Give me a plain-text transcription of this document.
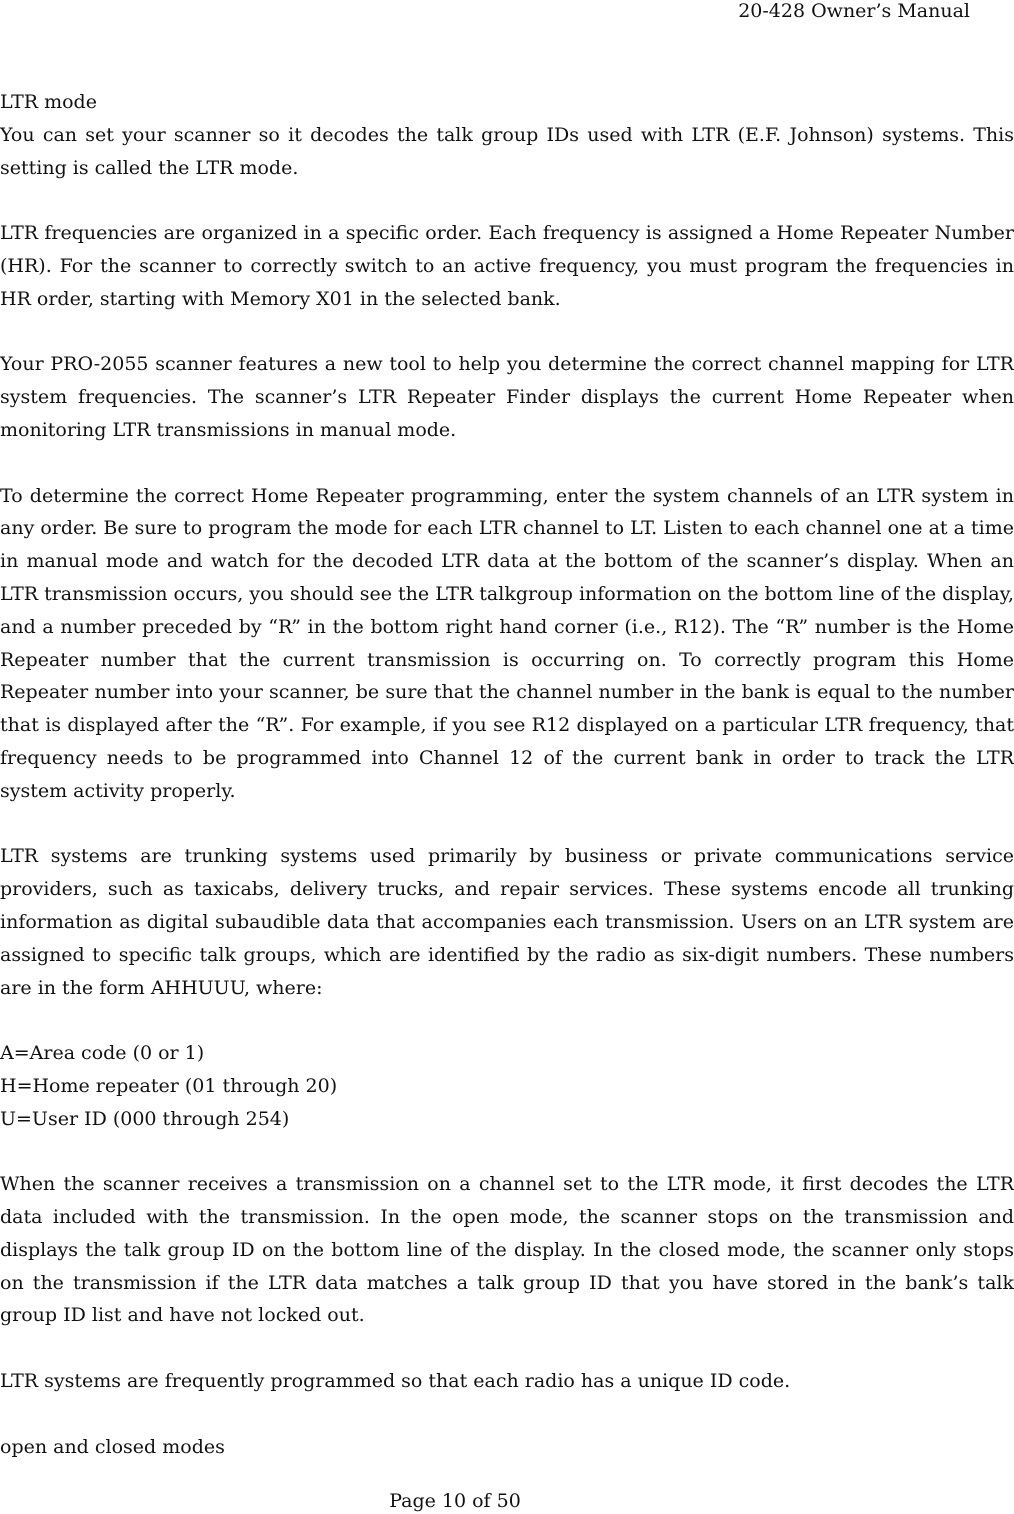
20-428 Owner’s Manual

LTR mode

You can set your scanner so it decodes the talk group IDs used with LTR (E.F. Johnson) systems. This setting is called the LTR mode.

LTR frequencies are organized in a specific order. Each frequency is assigned a Home Repeater Number (HR). For the scanner to correctly switch to an active frequency, you must program the frequencies in HR order, starting with Memory X01 in the selected bank.

Your PRO-2055 scanner features a new tool to help you determine the correct channel mapping for LTR system frequencies. The scanner’s LTR Repeater Finder displays the current Home Repeater when monitoring LTR transmissions in manual mode.

To determine the correct Home Repeater programming, enter the system channels of an LTR system in any order. Be sure to program the mode for each LTR channel to LT. Listen to each channel one at a time in manual mode and watch for the decoded LTR data at the bottom of the scanner’s display. When an LTR transmission occurs, you should see the LTR talkgroup information on the bottom line of the display, and a number preceded by “R” in the bottom right hand corner (i.e., R12). The “R” number is the Home Repeater number that the current transmission is occurring on. To correctly program this Home Repeater number into your scanner, be sure that the channel number in the bank is equal to the number that is displayed after the “R”. For example, if you see R12 displayed on a particular LTR frequency, that frequency needs to be programmed into Channel 12 of the current bank in order to track the LTR system activity properly.

LTR systems are trunking systems used primarily by business or private communications service providers, such as taxicabs, delivery trucks, and repair services. These systems encode all trunking information as digital subaudible data that accompanies each transmission. Users on an LTR system are assigned to specific talk groups, which are identified by the radio as six-digit numbers. These numbers are in the form AHHUUU, where:

A=Area code (0 or 1)

H=Home repeater (01 through 20)

U=User ID (000 through 254)

When the scanner receives a transmission on a channel set to the LTR mode, it first decodes the LTR data included with the transmission. In the open mode, the scanner stops on the transmission and displays the talk group ID on the bottom line of the display. In the closed mode, the scanner only stops on the transmission if the LTR data matches a talk group ID that you have stored in the bank’s talk group ID list and have not locked out.

LTR systems are frequently programmed so that each radio has a unique ID code.

open and closed modes

Page 10 of 50
